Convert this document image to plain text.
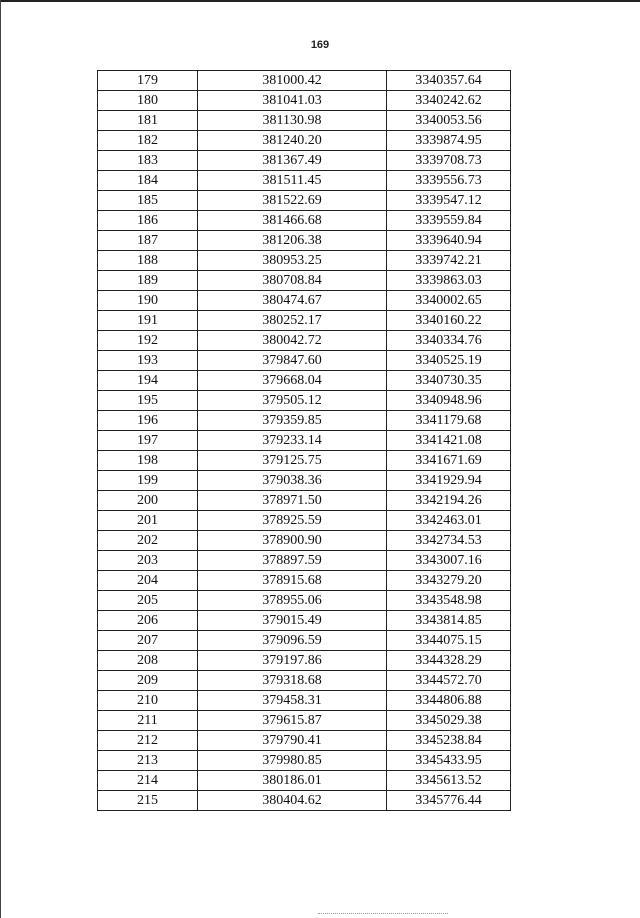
169
179	381000.42	3340357.64
180	381041.03	3340242.62
181	381130.98	3340053.56
182	381240.20	3339874.95
183	381367.49	3339708.73
184	381511.45	3339556.73
185	381522.69	3339547.12
186	381466.68	3339559.84
187	381206.38	3339640.94
188	380953.25	3339742.21
189	380708.84	3339863.03
190	380474.67	3340002.65
191	380252.17	3340160.22
192	380042.72	3340334.76
193	379847.60	3340525.19
194	379668.04	3340730.35
195	379505.12	3340948.96
196	379359.85	3341179.68
197	379233.14	3341421.08
198	379125.75	3341671.69
199	379038.36	3341929.94
200	378971.50	3342194.26
201	378925.59	3342463.01
202	378900.90	3342734.53
203	378897.59	3343007.16
204	378915.68	3343279.20
205	378955.06	3343548.98
206	379015.49	3343814.85
207	379096.59	3344075.15
208	379197.86	3344328.29
209	379318.68	3344572.70
210	379458.31	3344806.88
211	379615.87	3345029.38
212	379790.41	3345238.84
213	379980.85	3345433.95
214	380186.01	3345613.52
215	380404.62	3345776.44
